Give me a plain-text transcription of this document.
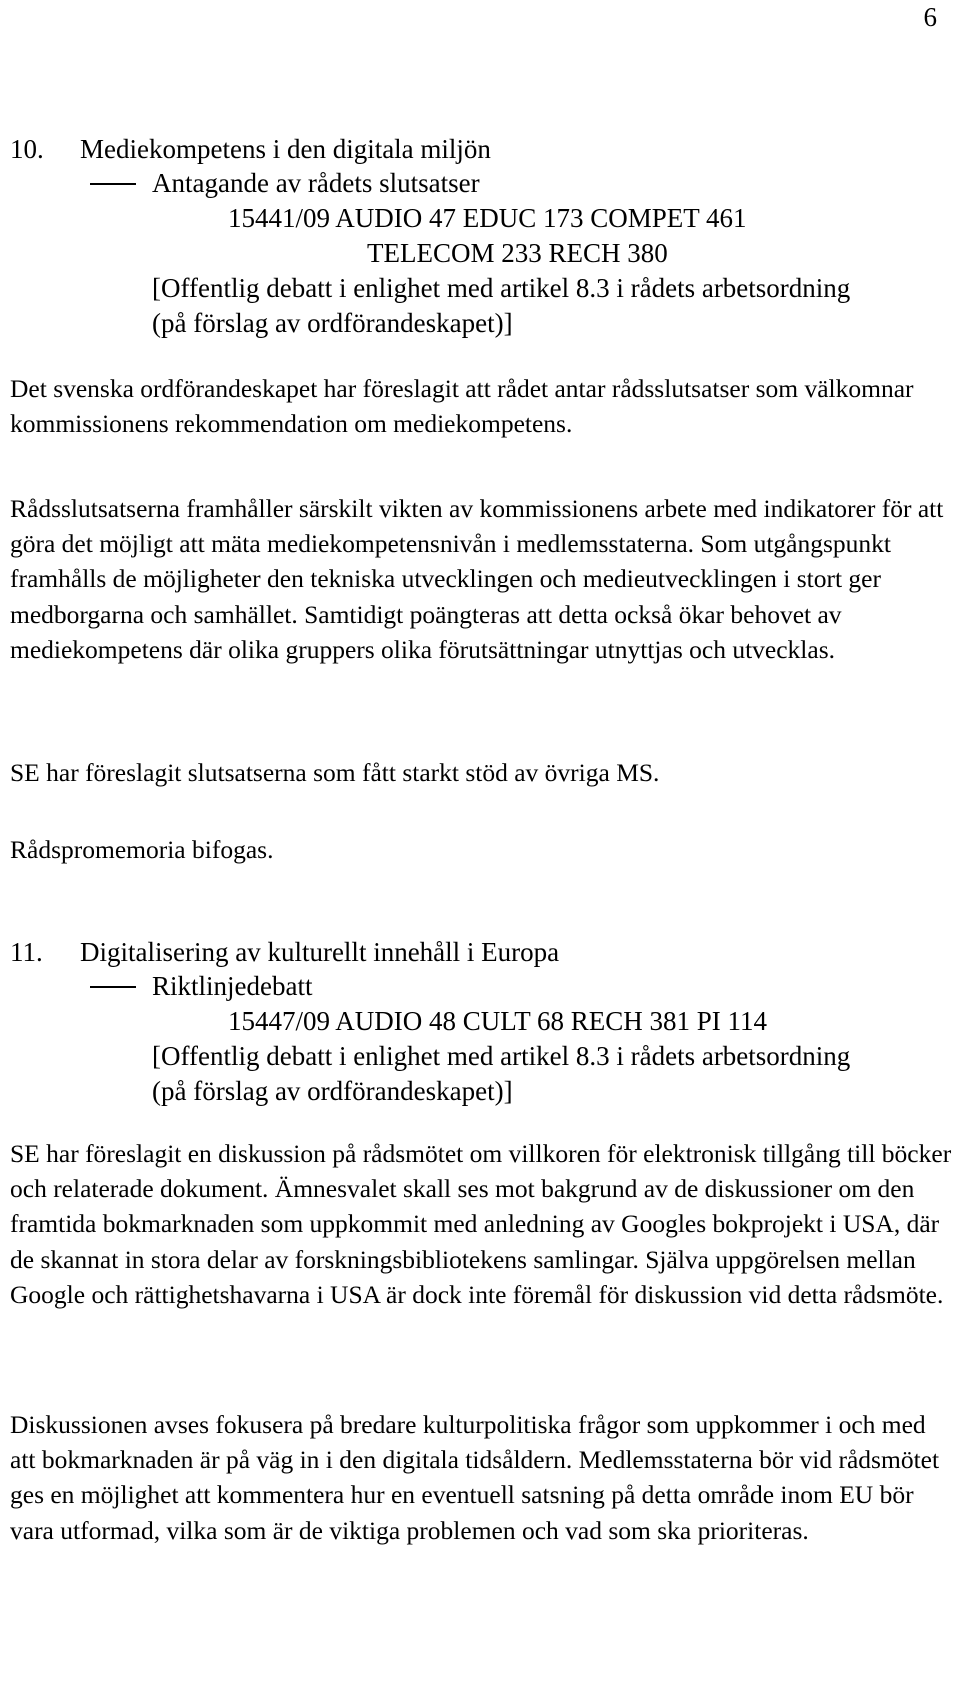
6
10. Mediekompetens i den digitala miljön
Antagande av rådets slutsatser
15441/09 AUDIO 47 EDUC 173 COMPET 461
TELECOM 233 RECH 380
[Offentlig debatt i enlighet med artikel 8.3 i rådets arbetsordning
(på förslag av ordförandeskapet)]

Det svenska ordförandeskapet har föreslagit att rådet antar rådsslutsatser som välkomnar kommissionens rekommendation om mediekompetens.

Rådsslutsatserna framhåller särskilt vikten av kommissionens arbete med indikatorer för att göra det möjligt att mäta mediekompetensnivån i medlemsstaterna. Som utgångspunkt framhålls de möjligheter den tekniska utvecklingen och medieutvecklingen i stort ger medborgarna och samhället. Samtidigt poängteras att detta också ökar behovet av mediekompetens där olika gruppers olika förutsättningar utnyttjas och utvecklas.

SE har föreslagit slutsatserna som fått starkt stöd av övriga MS.

Rådspromemoria bifogas.

11. Digitalisering av kulturellt innehåll i Europa
Riktlinjedebatt
15447/09 AUDIO 48 CULT 68 RECH 381 PI 114
[Offentlig debatt i enlighet med artikel 8.3 i rådets arbetsordning
(på förslag av ordförandeskapet)]

SE har föreslagit en diskussion på rådsmötet om villkoren för elektronisk tillgång till böcker och relaterade dokument. Ämnesvalet skall ses mot bakgrund av de diskussioner om den framtida bokmarknaden som uppkommit med anledning av Googles bokprojekt i USA, där de skannat in stora delar av forskningsbibliotekens samlingar. Själva uppgörelsen mellan Google och rättighetshavarna i USA är dock inte föremål för diskussion vid detta rådsmöte.

Diskussionen avses fokusera på bredare kulturpolitiska frågor som uppkommer i och med att bokmarknaden är på väg in i den digitala tidsåldern. Medlemsstaterna bör vid rådsmötet ges en möjlighet att kommentera hur en eventuell satsning på detta område inom EU bör vara utformad, vilka som är de viktiga problemen och vad som ska prioriteras.
